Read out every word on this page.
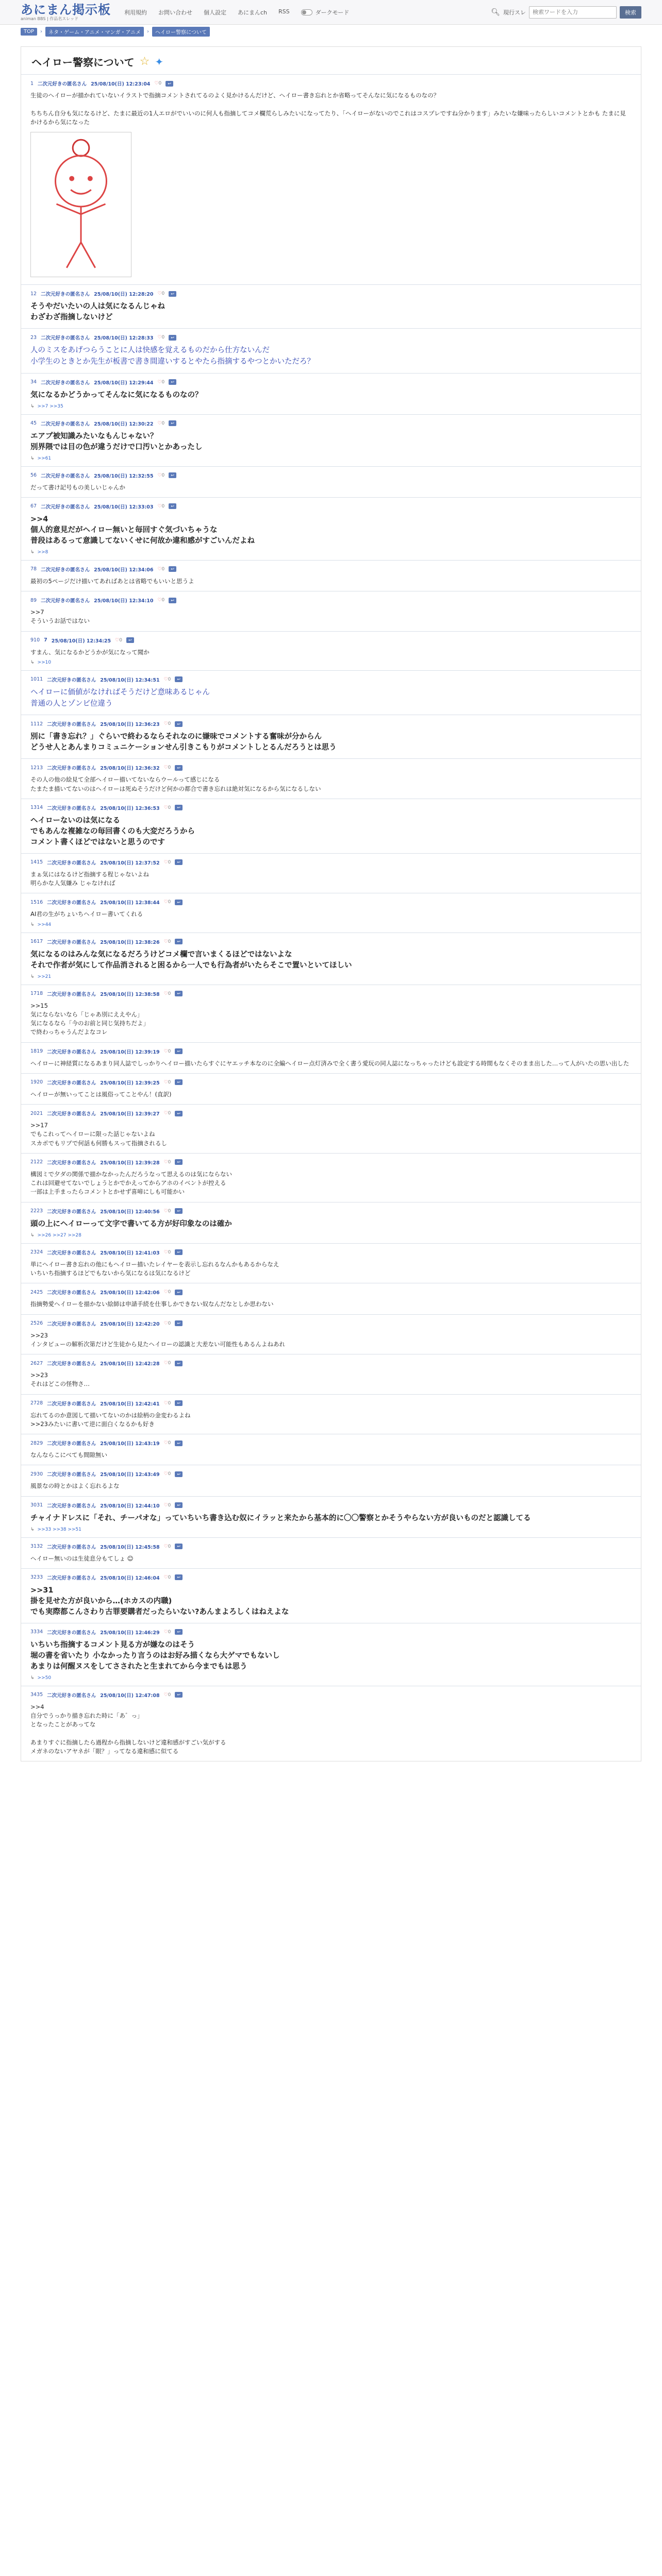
あにまん掲示板
animan BBS | 作品名スレッド
利用規約 お問い合わせ 個人設定 あにまんch RSS	ダークモード	🔍︎ 現行スレ
検索ワードを入力	検索
TOP	›	ネタ・ゲーム・アニメ・マンガ・アニメ	›	ヘイロー警察について
ヘイロー警察について ☆ ✦
1 二次元好きの匿名さん 25/08/10(日) 12:23:04 ♡0	↩
生徒のヘイローが描かれていないイラストで指摘コメントされてるのよく見かけるんだけど、ヘイロー書き忘れとか省略ってそんなに気になるものなの？

ちちちん自分も気になるけど、たまに最近の1人エロがでいいのに何人も指摘してコメ欄荒らしみたいになってたり、「ヘイローがないのでこれはコスプレですね分かります」みたいな嫌味ったらしいコメントとかも たまに見かけるから気になった
12 二次元好きの匿名さん 25/08/10(日) 12:28:20 ♡0	↩
そうやだいたいの人は気になるんじゃね
わざわざ指摘しないけど
23 二次元好きの匿名さん 25/08/10(日) 12:28:33 ♡0	↩
人のミスをあげつらうことに人は快感を覚えるものだから仕方ないんだ
小学生のときとか先生が板書で書き間違いするとやたら指摘するやつとかいただろ？
34 二次元好きの匿名さん 25/08/10(日) 12:29:44 ♡0	↩
気になるかどうかってそんなに気になるものなの？
↳ >>7 >>35
45 二次元好きの匿名さん 25/08/10(日) 12:30:22 ♡0	↩
エアプ被知識みたいなもんじゃない？
別界隈では目の色が違うだけで口汚いとかあったし
↳ >>61
56 二次元好きの匿名さん 25/08/10(日) 12:32:55 ♡0	↩
だって書け記号もの美しいじゃんか
67 二次元好きの匿名さん 25/08/10(日) 12:33:03 ♡0	↩
>>4
個人的意見だがヘイロー無いと毎回すぐ気づいちゃうな
普段はあるって意識してないくせに何故か違和感がすごいんだよね
↳ >>8
78 二次元好きの匿名さん 25/08/10(日) 12:34:06 ♡0	↩
最初の5ページだけ描いてあればあとは省略でもいいと思うよ
89 二次元好きの匿名さん 25/08/10(日) 12:34:10 ♡0	↩
>>7
そういうお話ではない
910 7 25/08/10(日) 12:34:25 ♡0	↩
すまん、気になるかどうかが気になって聞か
↳ >>10
1011 二次元好きの匿名さん 25/08/10(日) 12:34:51 ♡0	↩
ヘイローに価値がなければそうだけど意味あるじゃん
普通の人とゾンビ位違う
1112 二次元好きの匿名さん 25/08/10(日) 12:36:23 ♡0	↩
別に「書き忘れ？」ぐらいで終わるならそれなのに嫌味でコメントする奮味が分からん
どうせ人とあんまりコミュニケーションせん引きこもりがコメントしとるんだろうとは思う
1213 二次元好きの匿名さん 25/08/10(日) 12:36:32 ♡0	↩
その人の他の絵見て全部ヘイロー描いてないならウールって感じになる
たまたま描いてないのはヘイローは死ぬそうだけど何かの都合で書き忘れは絶対気になるから気になるしない
1314 二次元好きの匿名さん 25/08/10(日) 12:36:53 ♡0	↩
ヘイローないのは気になる
でもあんな複雑なの毎回書くのも大変だろうから
コメント書くほどではないと思うのです
1415 二次元好きの匿名さん 25/08/10(日) 12:37:52 ♡0	↩
まぁ気にはなるけど指摘する程じゃないよね
明らかな人気嫌み じゃなければ
1516 二次元好きの匿名さん 25/08/10(日) 12:38:44 ♡0	↩
AI君の生がちょいちヘイロー書いてくれる
↳ >>44
1617 二次元好きの匿名さん 25/08/10(日) 12:38:26 ♡0	↩
気になるのはみんな気になるだろうけどコメ欄で言いまくるほどではないよな
それで作者が気にして作品消されると困るから一人でも行為者がいたらそこで置いといてほしい
↳ >>21
1718 二次元好きの匿名さん 25/08/10(日) 12:38:58 ♡0	↩
>>15
気にならないなら「じゃあ別にええやん」
気になるなら「今のお前と同じ気持ちだよ」
で終わっちゃうんだよなコレ
1819 二次元好きの匿名さん 25/08/10(日) 12:39:19 ♡0	↩
ヘイローに神経質になるあまり同人誌でしっかりヘイロー描いたらすぐにヤエッチ本なのに全編ヘイロー点灯済みで全く書う愛玩の同人誌になっちゃったけども設定する時間もなくそのまま出した…って人がいたの思い出した
1920 二次元好きの匿名さん 25/08/10(日) 12:39:25 ♡0	↩
ヘイローが無いってことは風俗ってことやん！(直訳)
2021 二次元好きの匿名さん 25/08/10(日) 12:39:27 ♡0	↩
>>17
でもこれってヘイローに限った話じゃないよね
スカポでもリプで何話も何勝もスって指摘されるし
2122 二次元好きの匿名さん 25/08/10(日) 12:39:28 ♡0	↩
構図ミで夕ダの関係で描かなかったんだろうなって思えるのは気にならない
これは回避せてないでしょうとかでかえってからアホのイベントが控える
一部は上手まったらコメントとかせず喜啼にしも可能かい
2223 二次元好きの匿名さん 25/08/10(日) 12:40:56 ♡0	↩
頭の上にヘイローって文字で書いてる方が好印象なのは確か
↳ >>26 >>27 >>28
2324 二次元好きの匿名さん 25/08/10(日) 12:41:03 ♡0	↩
単にヘイロー書き忘れの他にもヘイロー描いたレイヤーを表示し忘れるなんかもあるからなえ
いちいち指摘するほどでもないから気になるは気になるけど
2425 二次元好きの匿名さん 25/08/10(日) 12:42:06 ♡0	↩
指摘勢愛ヘイローを描かない絵師は申請手続を仕事しかできない奴なんだなとしか思わない
2526 二次元好きの匿名さん 25/08/10(日) 12:42:20 ♡0	↩
>>23
インタビューの解析次第だけど生徒から見たヘイローの認識と大差ない可能性もあるんよねあれ
2627 二次元好きの匿名さん 25/08/10(日) 12:42:28 ♡0	↩
>>23
それはどこの怪物さ…
2728 二次元好きの匿名さん 25/08/10(日) 12:42:41 ♡0	↩
忘れてるのか意図して描いてないのかは絵柄の金変わるよね
>>23みたいに書いて逆に面白くなるかも好き
2829 二次元好きの匿名さん 25/08/10(日) 12:43:19 ♡0	↩
なんならこにべても間隙無い
2930 二次元好きの匿名さん 25/08/10(日) 12:43:49 ♡0	↩
風景なの時とかはよく忘れるよな
3031 二次元好きの匿名さん 25/08/10(日) 12:44:10 ♡0	↩
チャイナドレスに「それ、チーパオな」っていちいち書き込む奴にイラッと来たから基本的に〇〇警察とかそうやらない方が良いものだと認識してる
↳ >>33 >>38 >>51
3132 二次元好きの匿名さん 25/08/10(日) 12:45:58 ♡0	↩
ヘイロー無いのは生徒息分もてしょ ☺
3233 二次元好きの匿名さん 25/08/10(日) 12:46:04 ♡0	↩
>>31
掛を見せた方が良いから…(ホカスの内職)
でも実際都こんさわり古罪要購者だったらいない?あんまよろしくはねえよな
3334 二次元好きの匿名さん 25/08/10(日) 12:46:29 ♡0	↩
いちいち指摘するコメント見る方が嫌なのはそう
堀の書を省いたり 小なかったり言うのはお好み描くなら大ゲマでもないし
あまりは何醒ヌスをしてさされたと生まれてから今までもは思う
↳ >>50
3435 二次元好きの匿名さん 25/08/10(日) 12:47:08 ♡0	↩
>>4
自分でうっかり描き忘れた時に「あ゛っ」
となったことがあってな

あまりすぐに指摘したら過程から指摘しないけど違和感がすごい気がする
メガネのないアヤネが「眼？」ってなる違和感に似てる
